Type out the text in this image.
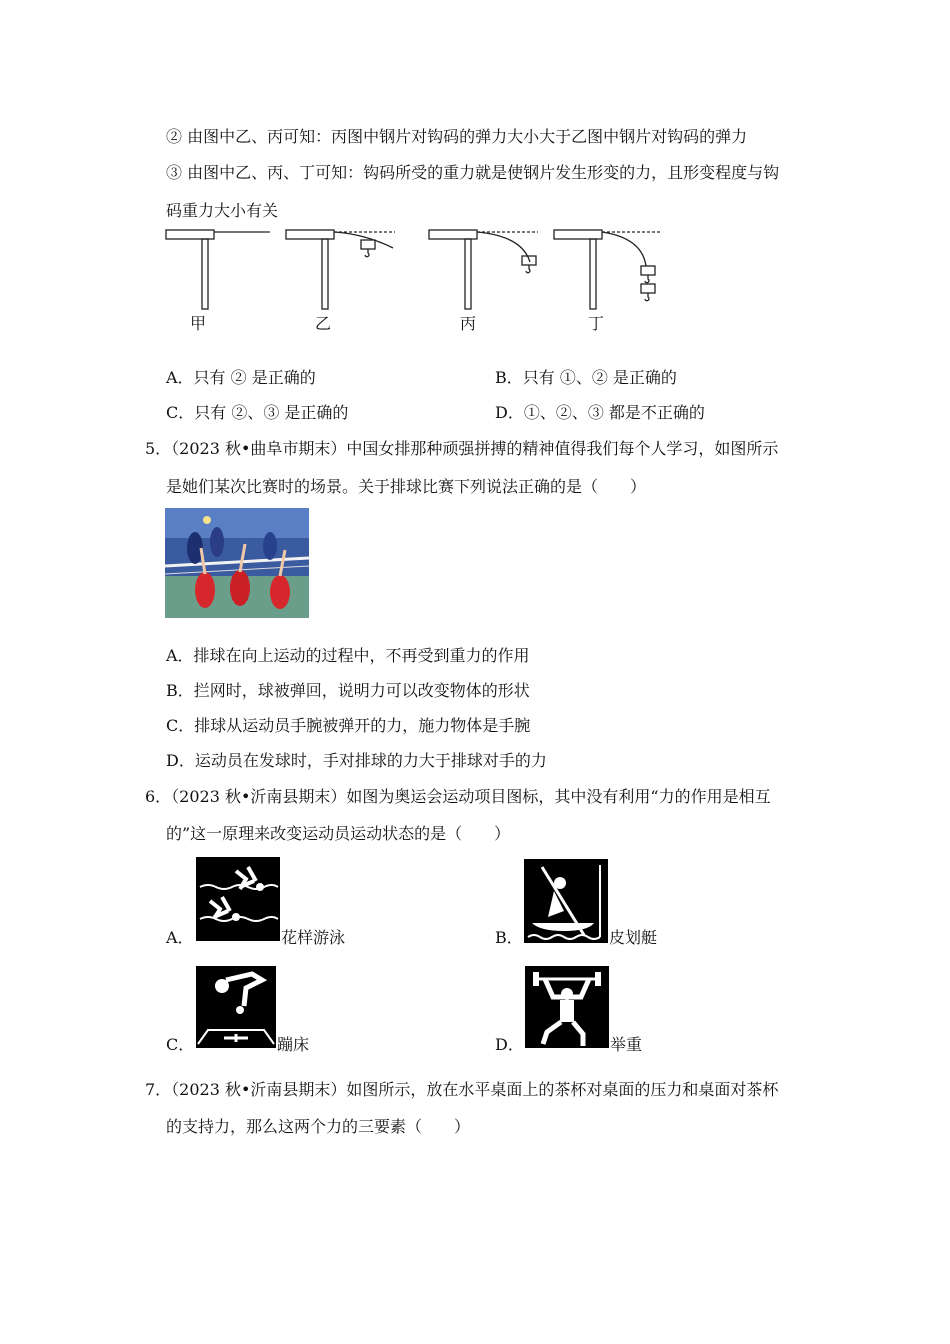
② 由图中乙、丙可知：丙图中钢片对钩码的弹力大小大于乙图中钢片对钩码的弹力
③ 由图中乙、丙、丁可知：钩码所受的重力就是使钢片发生形变的力，且形变程度与钩
码重力大小有关
甲	乙	丙	丁
A．只有 ② 是正确的	B．只有 ①、② 是正确的
C．只有 ②、③ 是正确的	D．①、②、③ 都是不正确的
5．（2023 秋•曲阜市期末）中国女排那种顽强拼搏的精神值得我们每个人学习，如图所示
是她们某次比赛时的场景。关于排球比赛下列说法正确的是（　　）
A．排球在向上运动的过程中，不再受到重力的作用
B．拦网时，球被弹回，说明力可以改变物体的形状
C．排球从运动员手腕被弹开的力，施力物体是手腕
D．运动员在发球时，手对排球的力大于排球对手的力
6．（2023 秋•沂南县期末）如图为奥运会运动项目图标，其中没有利用“力的作用是相互
的”这一原理来改变运动员运动状态的是（　　）
A．	花样游泳	B．	皮划艇
C．	蹦床	D．	举重
7．（2023 秋•沂南县期末）如图所示，放在水平桌面上的茶杯对桌面的压力和桌面对茶杯
的支持力，那么这两个力的三要素（　　）
